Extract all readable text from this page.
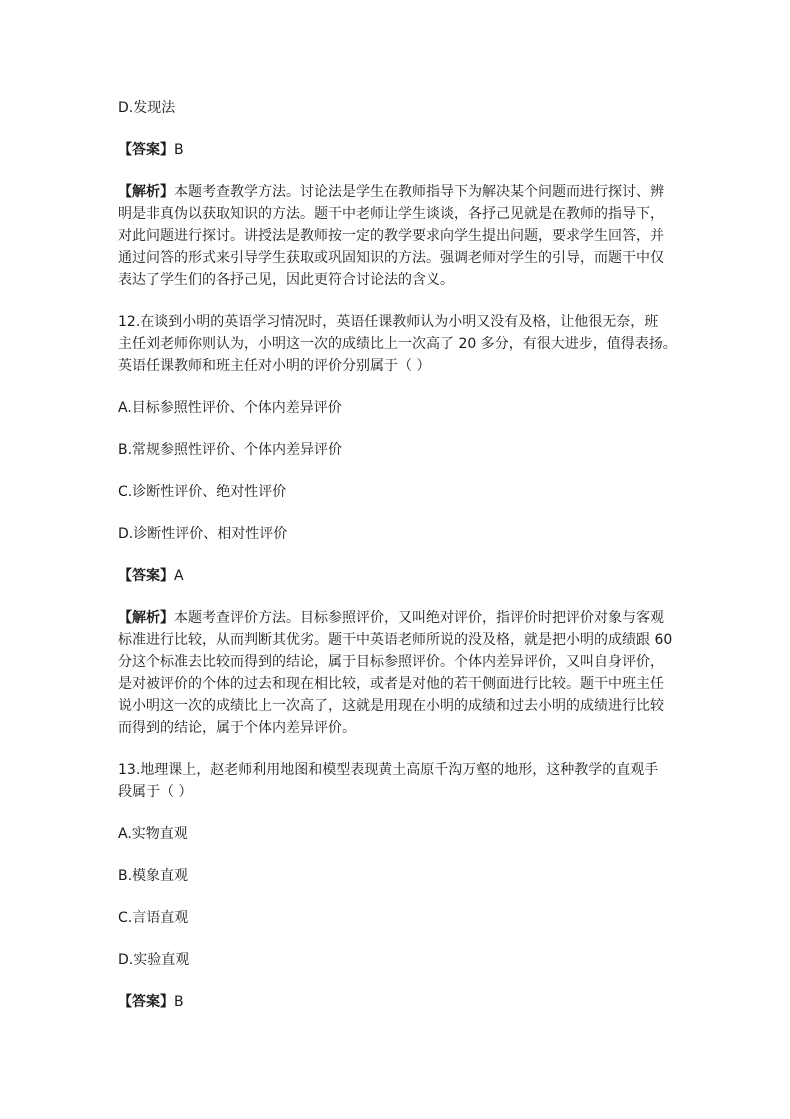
D.发现法

【答案】B

【解析】本题考查教学方法。讨论法是学生在教师指导下为解决某个问题而进行探讨、辨

明是非真伪以获取知识的方法。题干中老师让学生谈谈，各抒己见就是在教师的指导下，

对此问题进行探讨。讲授法是教师按一定的教学要求向学生提出问题，要求学生回答，并

通过问答的形式来引导学生获取或巩固知识的方法。强调老师对学生的引导，而题干中仅

表达了学生们的各抒己见，因此更符合讨论法的含义。

12.在谈到小明的英语学习情况时，英语任课教师认为小明又没有及格，让他很无奈，班

主任刘老师你则认为，小明这一次的成绩比上一次高了 20 多分，有很大进步，值得表扬。

英语任课教师和班主任对小明的评价分别属于（ ）

A.目标参照性评价、个体内差异评价

B.常规参照性评价、个体内差异评价

C.诊断性评价、绝对性评价

D.诊断性评价、相对性评价

【答案】A

【解析】本题考查评价方法。目标参照评价，又叫绝对评价，指评价时把评价对象与客观

标准进行比较，从而判断其优劣。题干中英语老师所说的没及格，就是把小明的成绩跟 60

分这个标准去比较而得到的结论，属于目标参照评价。个体内差异评价，又叫自身评价，

是对被评价的个体的过去和现在相比较，或者是对他的若干侧面进行比较。题干中班主任

说小明这一次的成绩比上一次高了，这就是用现在小明的成绩和过去小明的成绩进行比较

而得到的结论，属于个体内差异评价。

13.地理课上，赵老师利用地图和模型表现黄土高原千沟万壑的地形，这种教学的直观手

段属于（ ）

A.实物直观

B.模象直观

C.言语直观

D.实验直观

【答案】B
